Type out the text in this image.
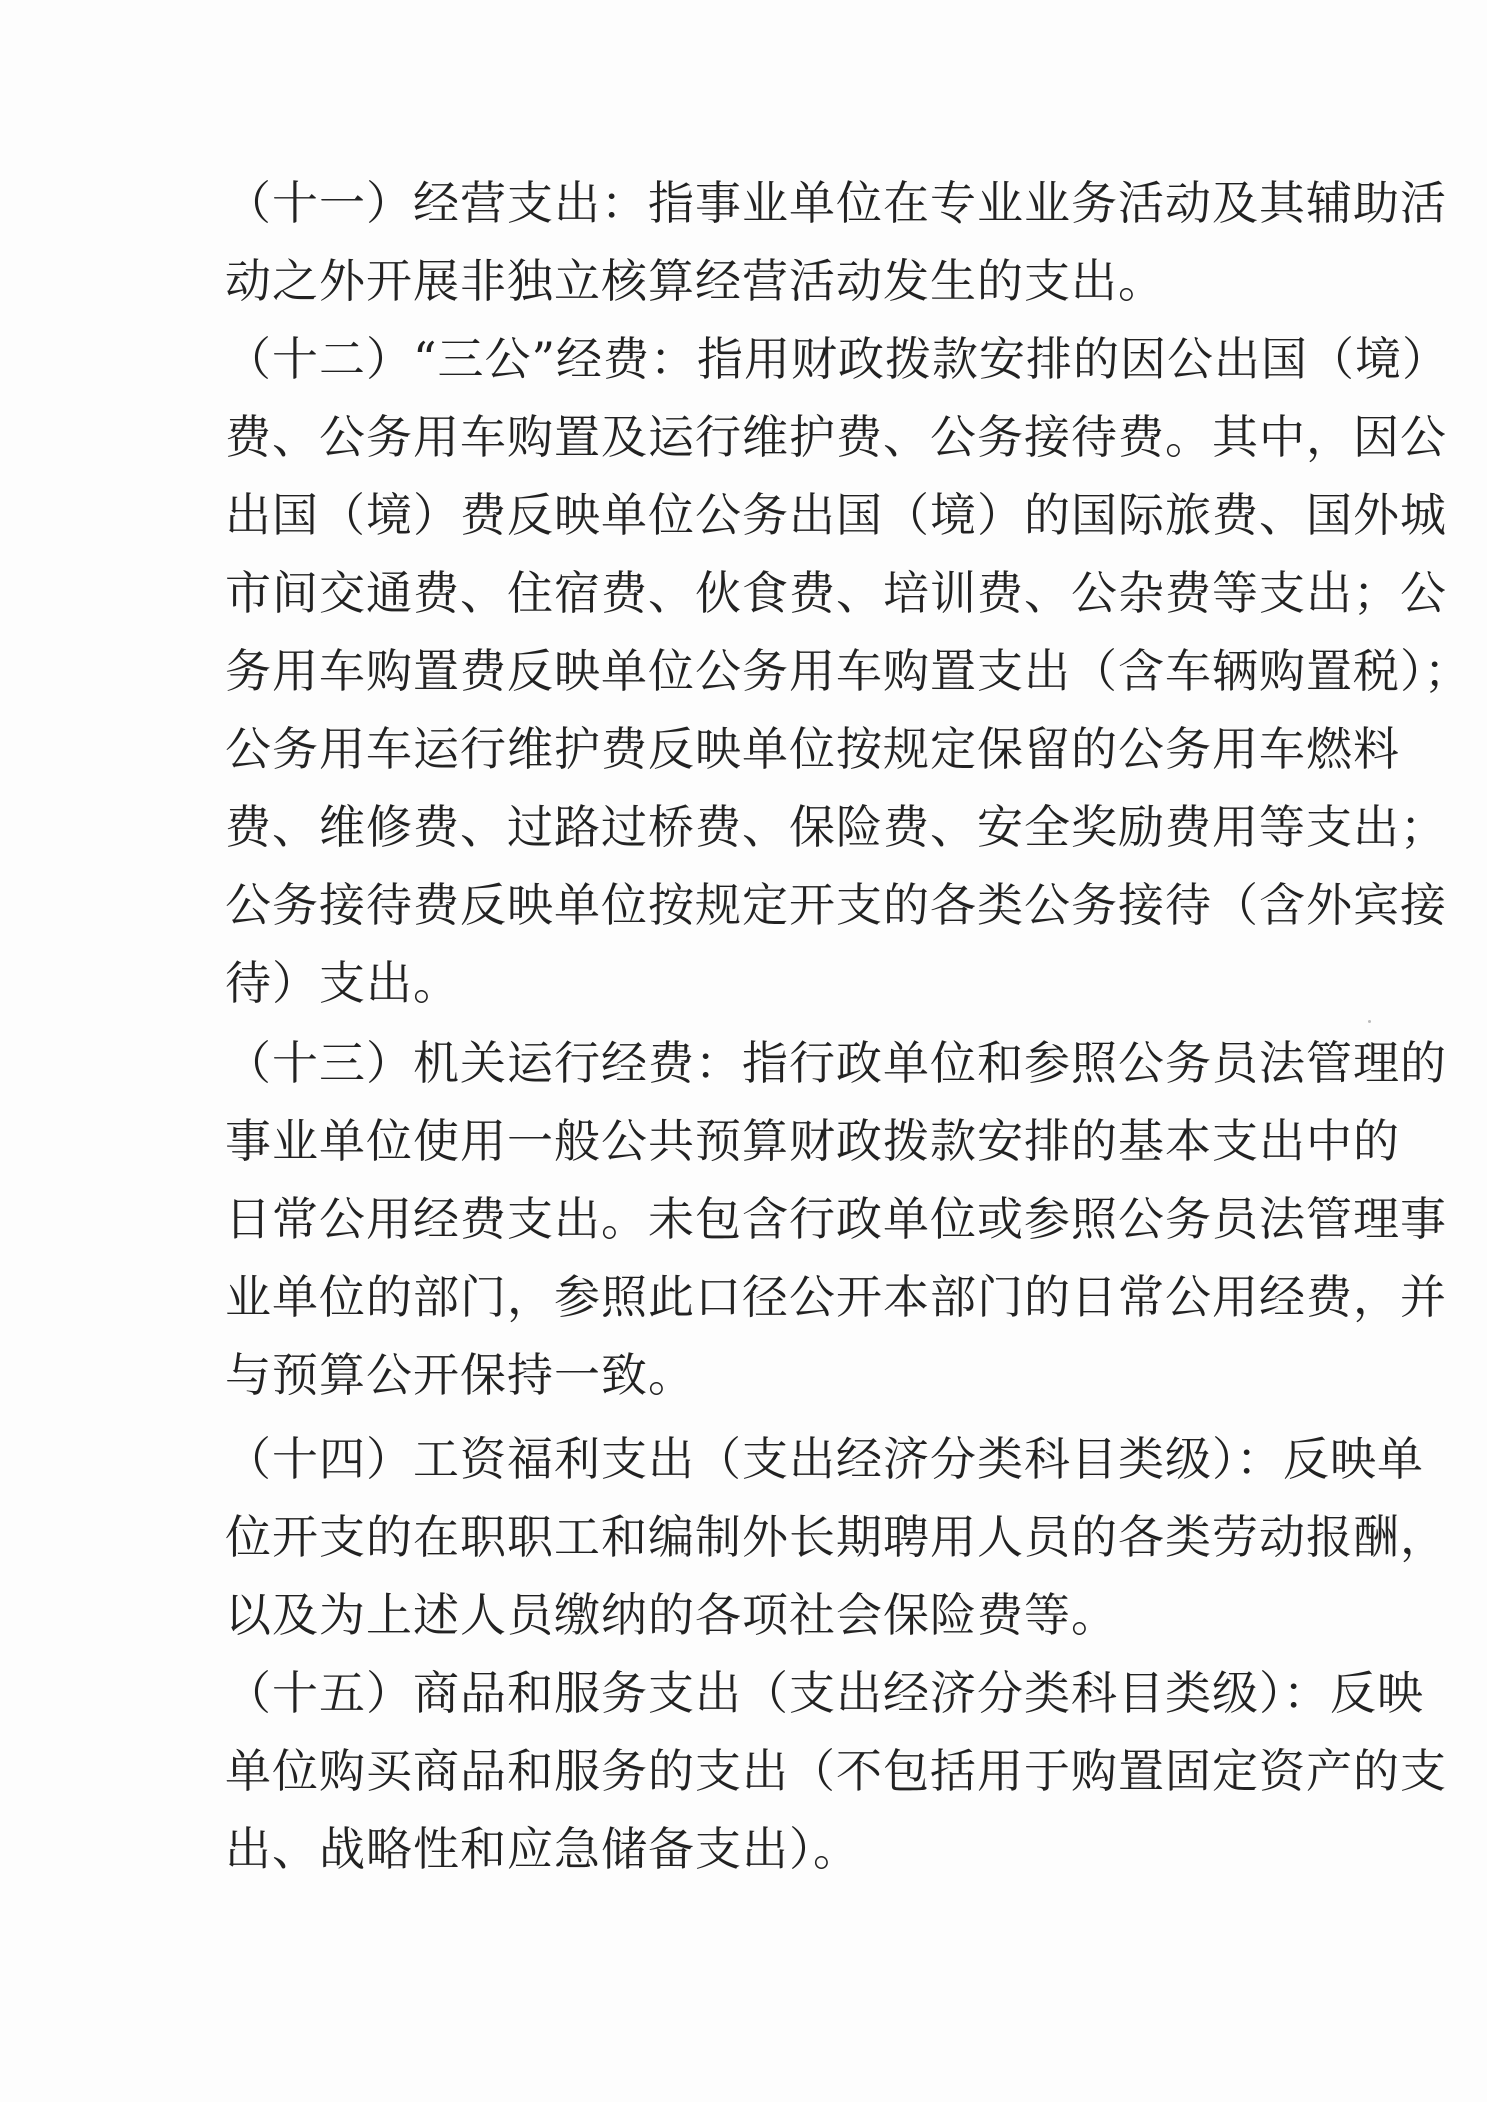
（十一）经营支出：指事业单位在专业业务活动及其辅助活
动之外开展非独立核算经营活动发生的支出。
（十二）“三公”经费：指用财政拨款安排的因公出国（境）
费、公务用车购置及运行维护费、公务接待费。其中，因公
出国（境）费反映单位公务出国（境）的国际旅费、国外城
市间交通费、住宿费、伙食费、培训费、公杂费等支出；公
务用车购置费反映单位公务用车购置支出（含车辆购置税）；
公务用车运行维护费反映单位按规定保留的公务用车燃料
费、维修费、过路过桥费、保险费、安全奖励费用等支出；
公务接待费反映单位按规定开支的各类公务接待（含外宾接
待）支出。
（十三）机关运行经费：指行政单位和参照公务员法管理的
事业单位使用一般公共预算财政拨款安排的基本支出中的
日常公用经费支出。未包含行政单位或参照公务员法管理事
业单位的部门，参照此口径公开本部门的日常公用经费，并
与预算公开保持一致。
（十四）工资福利支出（支出经济分类科目类级）：反映单
位开支的在职职工和编制外长期聘用人员的各类劳动报酬，
以及为上述人员缴纳的各项社会保险费等。
（十五）商品和服务支出（支出经济分类科目类级）：反映
单位购买商品和服务的支出（不包括用于购置固定资产的支
出、战略性和应急储备支出）。
